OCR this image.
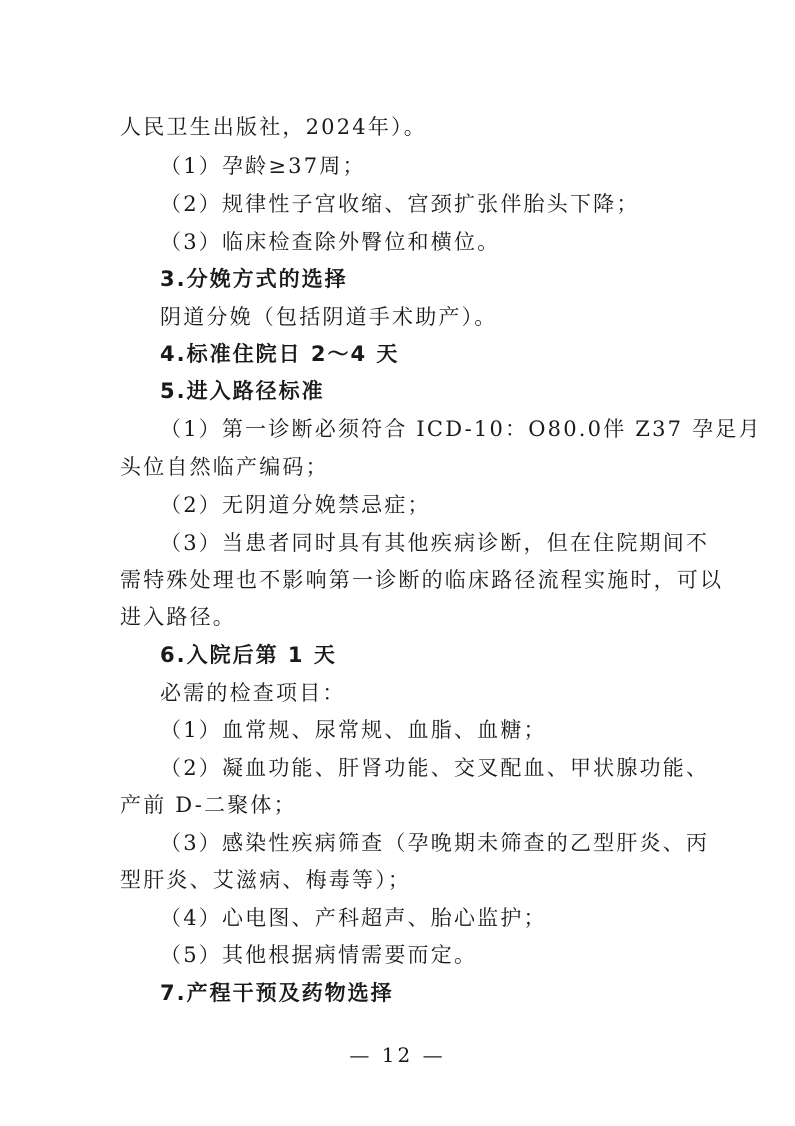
人民卫生出版社，2024年）。
（1）孕龄≥37周；
（2）规律性子宫收缩、宫颈扩张伴胎头下降；
（3）临床检查除外臀位和横位。
3.分娩方式的选择
阴道分娩（包括阴道手术助产）。
4.标准住院日 2～4 天
5.进入路径标准
（1）第一诊断必须符合 ICD-10：O80.0伴 Z37 孕足月
头位自然临产编码；
（2）无阴道分娩禁忌症；
（3）当患者同时具有其他疾病诊断，但在住院期间不
需特殊处理也不影响第一诊断的临床路径流程实施时，可以
进入路径。
6.入院后第 1 天
必需的检查项目：
（1）血常规、尿常规、血脂、血糖；
（2）凝血功能、肝肾功能、交叉配血、甲状腺功能、
产前 D-二聚体；
（3）感染性疾病筛查（孕晚期未筛查的乙型肝炎、丙
型肝炎、艾滋病、梅毒等）；
（4）心电图、产科超声、胎心监护；
（5）其他根据病情需要而定。
7.产程干预及药物选择
— 12 —
